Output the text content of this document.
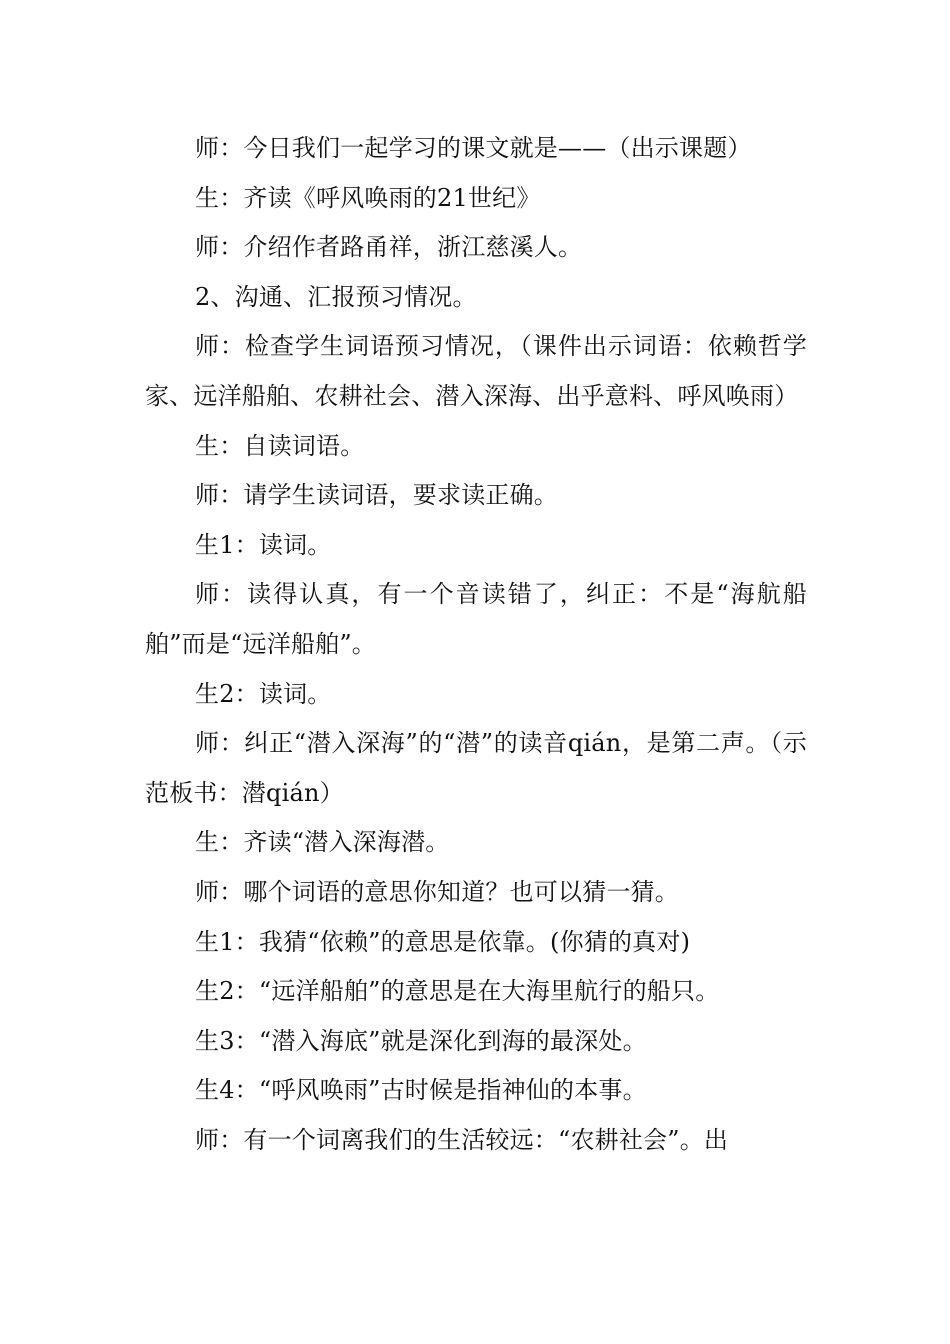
师：今日我们一起学习的课文就是——（出示课题）

生：齐读《呼风唤雨的21世纪》

师：介绍作者路甬祥，浙江慈溪人。

2、沟通、汇报预习情况。

师：检查学生词语预习情况，（课件出示词语：依赖哲学家、远洋船舶、农耕社会、潜入深海、出乎意料、呼风唤雨）

生：自读词语。

师：请学生读词语，要求读正确。

生1：读词。

师：读得认真，有一个音读错了，纠正：不是“海航船舶”而是“远洋船舶”。

生2：读词。

师：纠正“潜入深海”的“潜”的读音qián，是第二声。（示范板书：潜qián）

生：齐读“潜入深海潜。

师：哪个词语的意思你知道？也可以猜一猜。

生1：我猜“依赖”的意思是依靠。(你猜的真对)

生2：“远洋船舶”的意思是在大海里航行的船只。

生3：“潜入海底”就是深化到海的最深处。

生4：“呼风唤雨”古时候是指神仙的本事。

师：有一个词离我们的生活较远：“农耕社会”。出
